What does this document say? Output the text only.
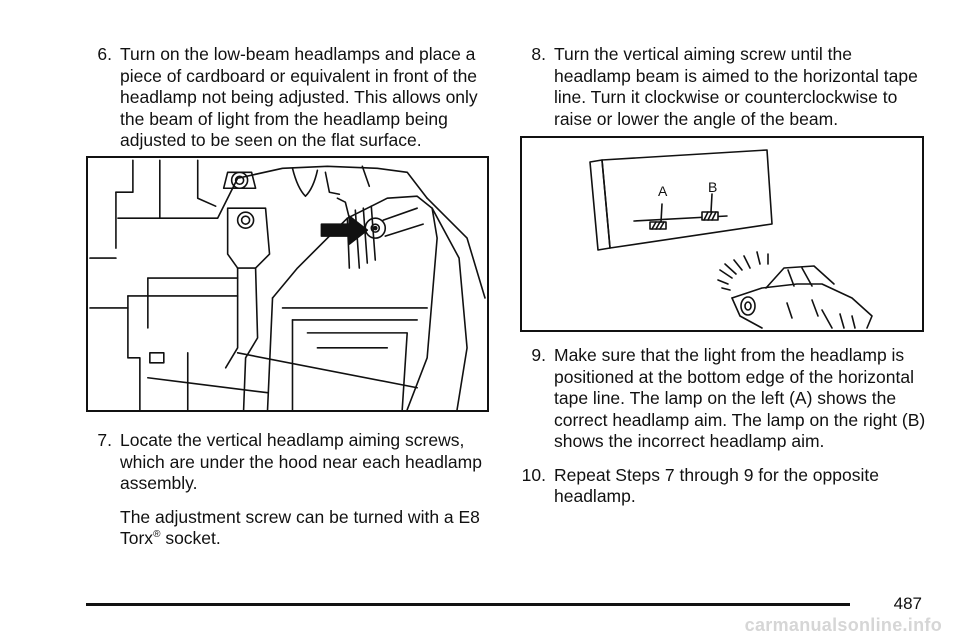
6. Turn on the low-beam headlamps and place a piece of cardboard or equivalent in front of the headlamp not being adjusted. This allows only the beam of light from the headlamp being adjusted to be seen on the flat surface.
7. Locate the vertical headlamp aiming screws, which are under the hood near each headlamp assembly.

The adjustment screw can be turned with a E8 Torx® socket.

8. Turn the vertical aiming screw until the headlamp beam is aimed to the horizontal tape line. Turn it clockwise or counterclockwise to raise or lower the angle of the beam.
A	B
9. Make sure that the light from the headlamp is positioned at the bottom edge of the horizontal tape line. The lamp on the left (A) shows the correct headlamp aim. The lamp on the right (B) shows the incorrect headlamp aim.
10. Repeat Steps 7 through 9 for the opposite headlamp.
487
carmanualsonline.info
